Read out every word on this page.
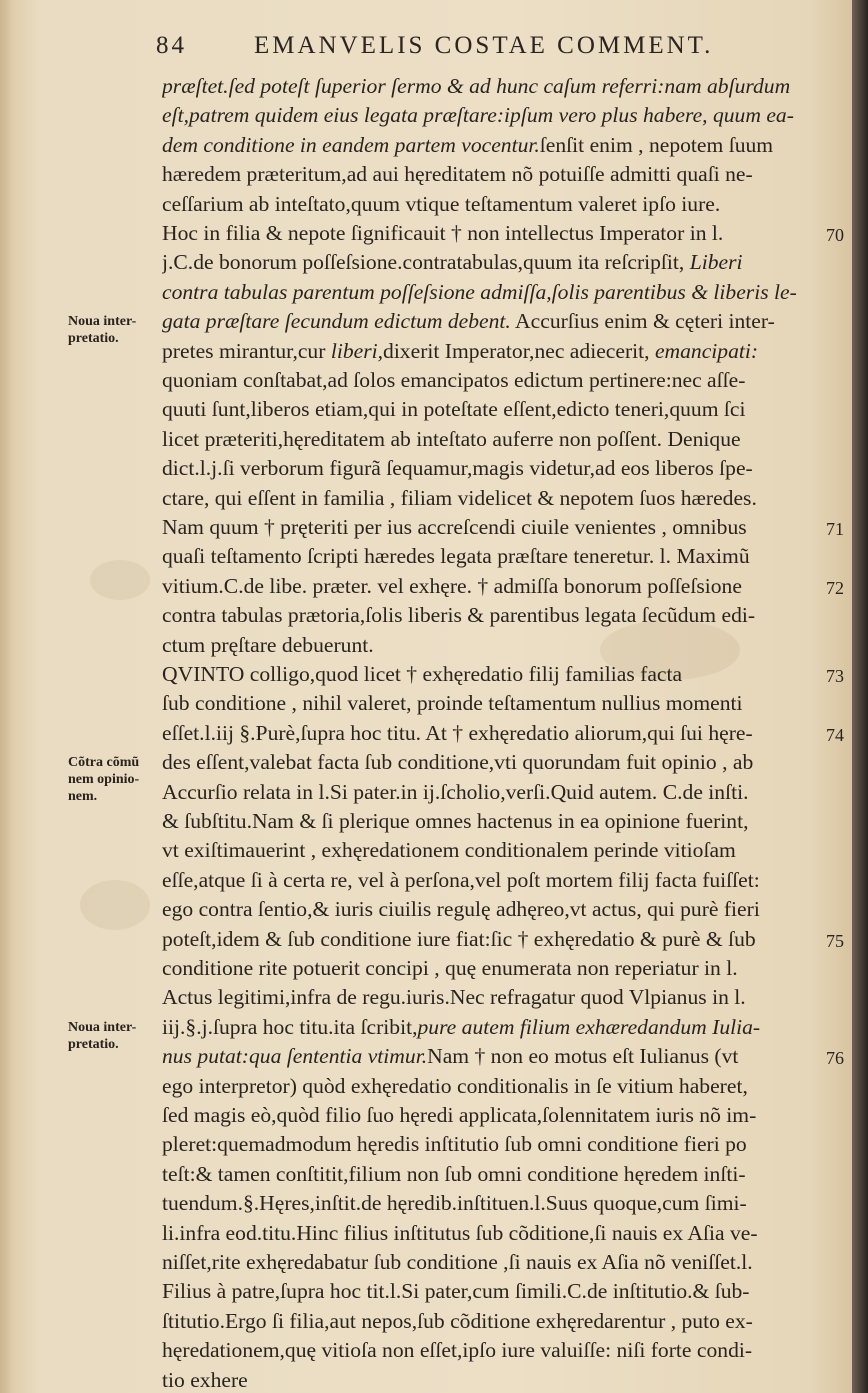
84	EMANVELIS COSTAE COMMENT.
præſtet.ſed poteſt ſuperior ſermo & ad hunc caſum referri:nam abſurdum
eſt,patrem quidem eius legata præſtare:ipſum vero plus habere, quum ea-
dem conditione in eandem partem vocentur.ſenſit enim , nepotem ſuum
hæredem præteritum,ad aui hęreditatem nõ potuiſſe admitti quaſi ne-
ceſſarium ab inteſtato,quum vtique teſtamentum valeret ipſo iure.
Hoc in filia & nepote ſignificauit † non intellectus Imperator in l.
j.C.de bonorum poſſeſsione.contratabulas,quum ita reſcripſit, Liberi
contra tabulas parentum poſſeſsione admiſſa,ſolis parentibus & liberis le-
gata præſtare ſecundum edictum debent. Accurſius enim & cęteri inter-
pretes mirantur,cur liberi,dixerit Imperator,nec adiecerit, emancipati:
quoniam conſtabat,ad ſolos emancipatos edictum pertinere:nec aſſe-
quuti ſunt,liberos etiam,qui in poteſtate eſſent,edicto teneri,quum ſci
licet præteriti,hęreditatem ab inteſtato auferre non poſſent. Denique
dict.l.j.ſi verborum figurã ſequamur,magis videtur,ad eos liberos ſpe-
ctare, qui eſſent in familia , filiam videlicet & nepotem ſuos hæredes.
Nam quum † pręteriti per ius accreſcendi ciuile venientes , omnibus
quaſi teſtamento ſcripti hæredes legata præſtare teneretur. l. Maximũ
vitium.C.de libe. præter. vel exhęre. † admiſſa bonorum poſſeſsione
contra tabulas prætoria,ſolis liberis & parentibus legata ſecũdum edi-
ctum pręſtare debuerunt.
QVINTO colligo,quod licet † exhęredatio filij familias facta
ſub conditione , nihil valeret, proinde teſtamentum nullius momenti
eſſet.l.iij §.Purè,ſupra hoc titu. At † exhęredatio aliorum,qui ſui hęre-
des eſſent,valebat facta ſub conditione,vti quorundam fuit opinio , ab
Accurſio relata in l.Si pater.in ij.ſcholio,verſi.Quid autem. C.de inſti.
& ſubſtitu.Nam & ſi plerique omnes hactenus in ea opinione fuerint,
vt exiſtimauerint , exhęredationem conditionalem perinde vitioſam
eſſe,atque ſi à certa re, vel à perſona,vel poſt mortem filij facta fuiſſet:
ego contra ſentio,& iuris ciuilis regulę adhęreo,vt actus, qui purè fieri
poteſt,idem & ſub conditione iure fiat:ſic † exhęredatio & purè & ſub
conditione rite potuerit concipi , quę enumerata non reperiatur in l.
Actus legitimi,infra de regu.iuris.Nec refragatur quod Vlpianus in l.
iij.§.j.ſupra hoc titu.ita ſcribit,pure autem filium exhæredandum Iulia-
nus putat:qua ſententia vtimur.Nam † non eo motus eſt Iulianus (vt
ego interpretor) quòd exhęredatio conditionalis in ſe vitium haberet,
ſed magis eò,quòd filio ſuo hęredi applicata,ſolennitatem iuris nõ im-
pleret:quemadmodum hęredis inſtitutio ſub omni conditione fieri po
teſt:& tamen conſtitit,filium non ſub omni conditione hęredem inſti-
tuendum.§.Hęres,inſtit.de hęredib.inſtituen.l.Suus quoque,cum ſimi-
li.infra eod.titu.Hinc filius inſtitutus ſub cõditione,ſi nauis ex Aſia ve-
niſſet,rite exhęredabatur ſub conditione ,ſi nauis ex Aſia nõ veniſſet.l.
Filius à patre,ſupra hoc tit.l.Si pater,cum ſimili.C.de inſtitutio.& ſub-
ſtitutio.Ergo ſi filia,aut nepos,ſub cõditione exhęredarentur , puto ex-
hęredationem,quę vitioſa non eſſet,ipſo iure valuiſſe: niſi forte condi-
tio exhere
70
71
72
73
74
75
76
Noua inter-
pretatio.
Cõtra cõmũ
nem opinio-
nem.
Noua inter-
pretatio.
